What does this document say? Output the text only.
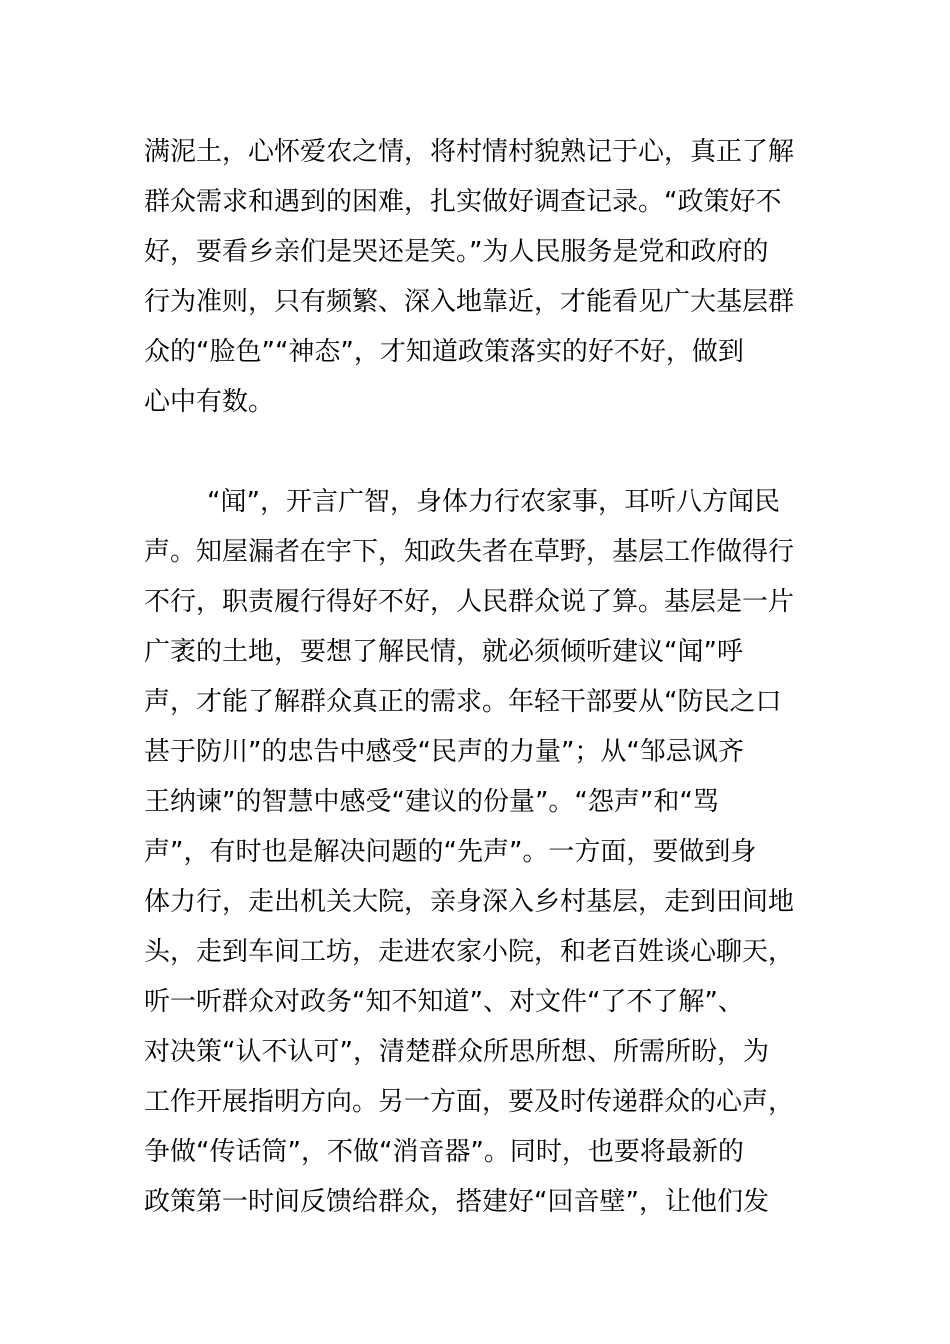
满泥土，心怀爱农之情，将村情村貌熟记于心，真正了解
群众需求和遇到的困难，扎实做好调查记录。“政策好不
好，要看乡亲们是哭还是笑。”为人民服务是党和政府的
行为准则，只有频繁、深入地靠近，才能看见广大基层群
众的“脸色”“神态”，才知道政策落实的好不好，做到
心中有数。
“闻”，开言广智，身体力行农家事，耳听八方闻民
声。知屋漏者在宇下，知政失者在草野，基层工作做得行
不行，职责履行得好不好，人民群众说了算。基层是一片
广袤的土地，要想了解民情，就必须倾听建议“闻”呼
声，才能了解群众真正的需求。年轻干部要从“防民之口
甚于防川”的忠告中感受“民声的力量”；从“邹忌讽齐
王纳谏”的智慧中感受“建议的份量”。“怨声”和“骂
声”，有时也是解决问题的“先声”。一方面，要做到身
体力行，走出机关大院，亲身深入乡村基层，走到田间地
头，走到车间工坊，走进农家小院，和老百姓谈心聊天，
听一听群众对政务“知不知道”、对文件“了不了解”、
对决策“认不认可”，清楚群众所思所想、所需所盼，为
工作开展指明方向。另一方面，要及时传递群众的心声，
争做“传话筒”，不做“消音器”。同时，也要将最新的
政策第一时间反馈给群众，搭建好“回音壁”，让他们发
